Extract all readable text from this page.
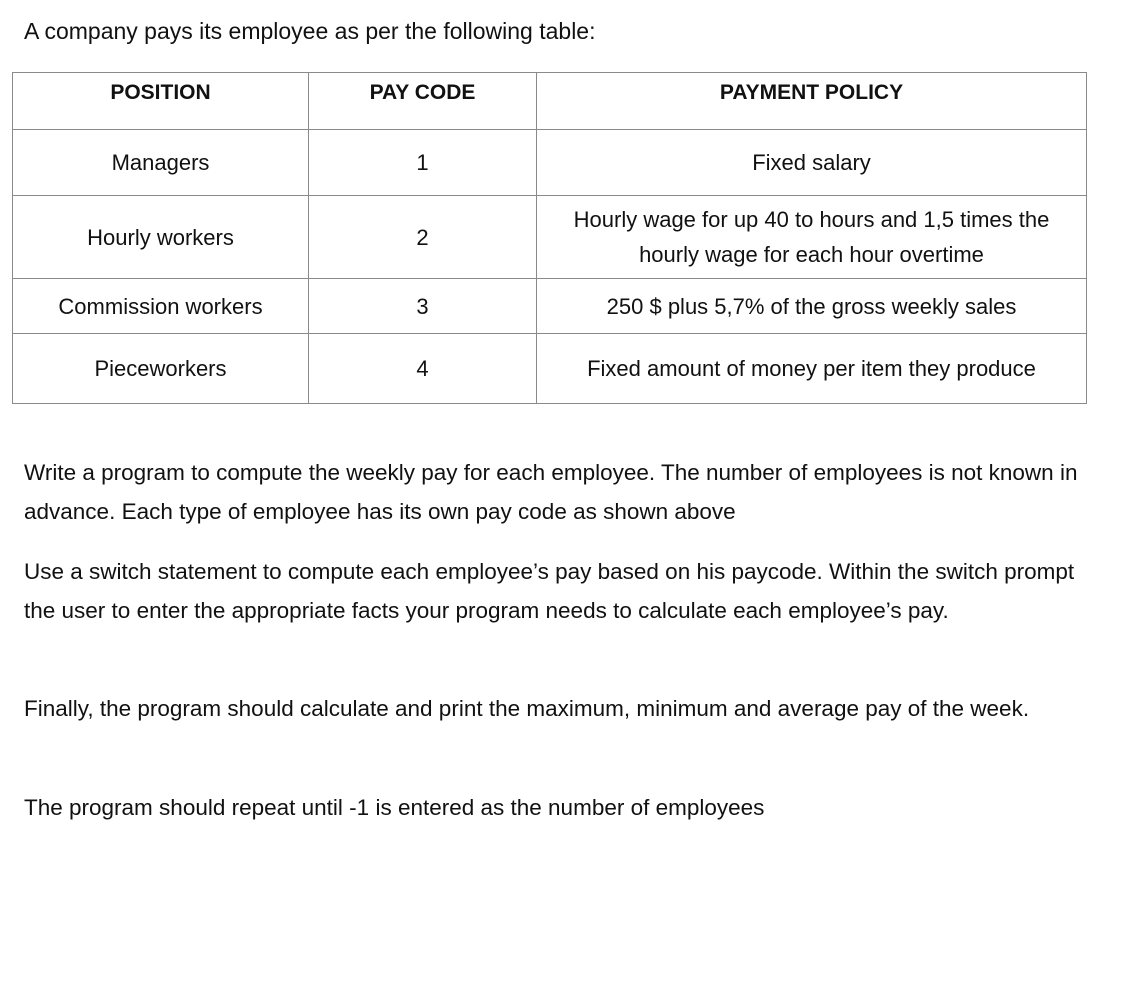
A company pays its employee as per the following table:

POSITION	PAY CODE	PAYMENT POLICY
Managers	1	Fixed salary
Hourly workers	2	Hourly wage for up 40 to hours and 1,5 times the hourly wage for each hour overtime
Commission workers	3	250 $ plus 5,7% of the gross weekly sales
Pieceworkers	4	Fixed amount of money per item they produce

Write a program to compute the weekly pay for each employee. The number of employees is not known in advance. Each type of employee has its own pay code as shown above

Use a switch statement to compute each employee’s pay based on his paycode. Within the switch prompt the user to enter the appropriate facts your program needs to calculate each employee’s pay.

Finally, the program should calculate and print the maximum, minimum and average pay of the week.

The program should repeat until -1 is entered as the number of employees
